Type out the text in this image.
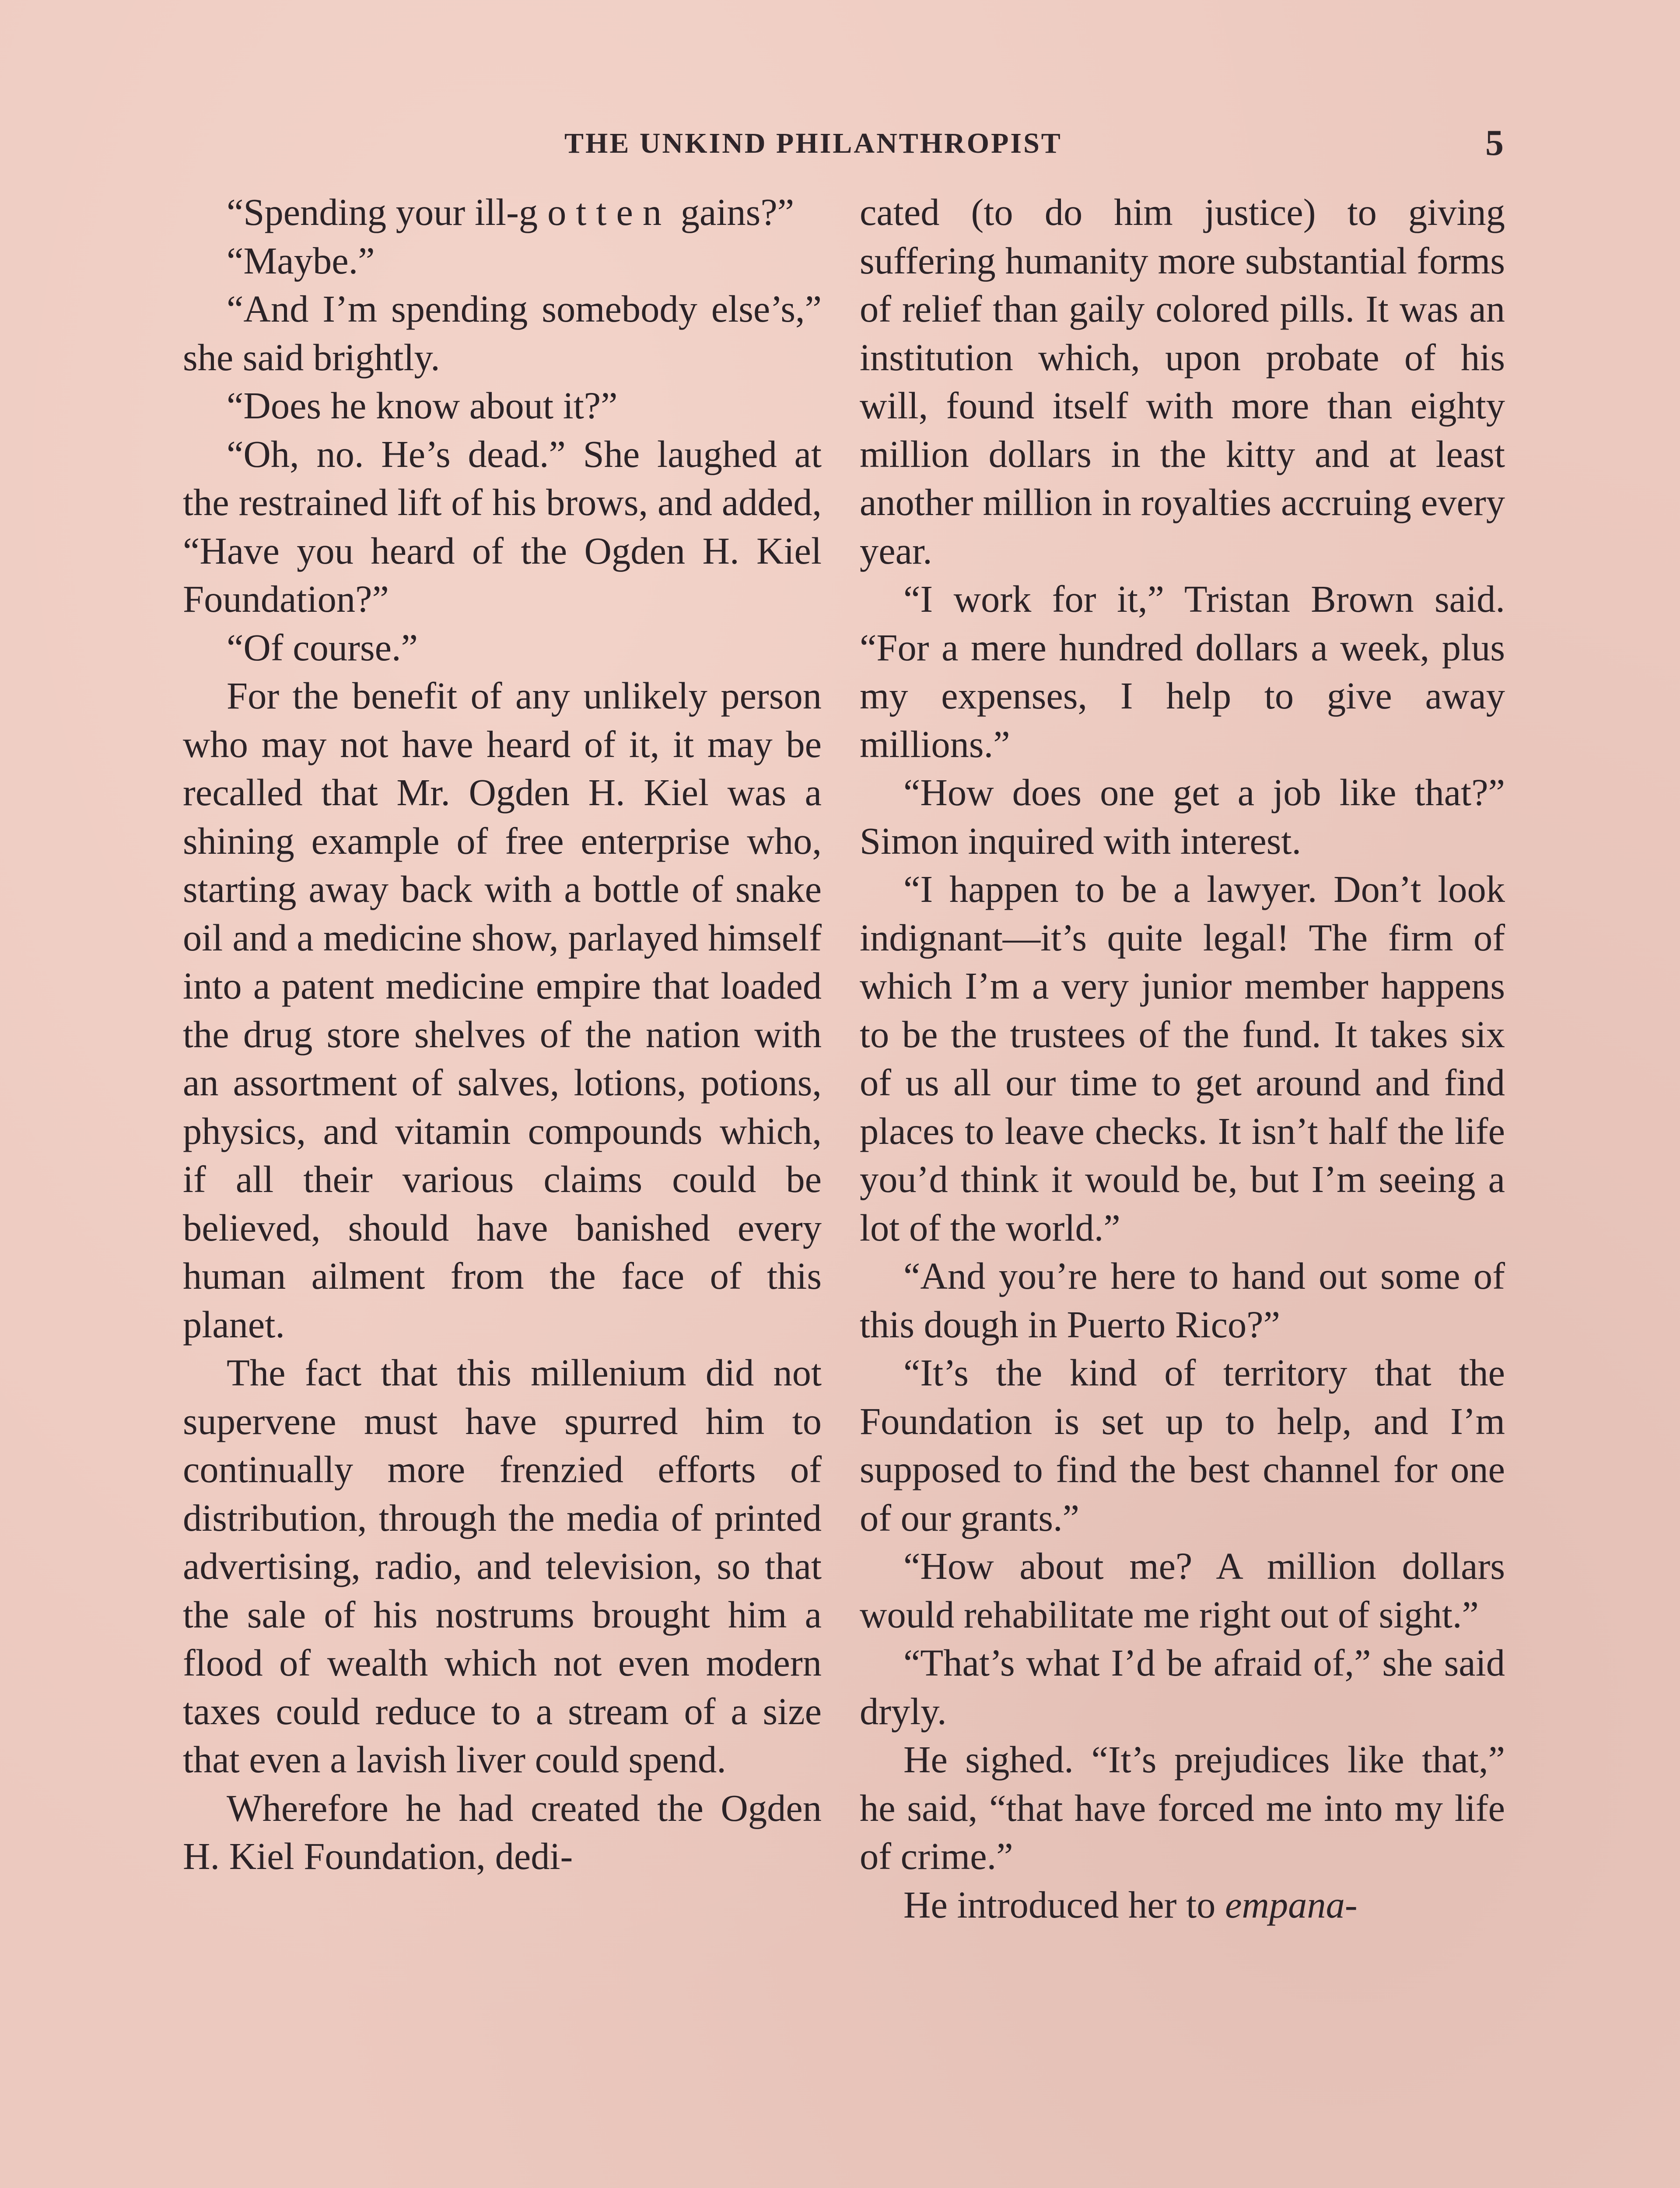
THE UNKIND PHILANTHROPIST	5

“Spending your ill-gotten gains?”

“Maybe.”

“And I’m spending somebody else’s,” she said brightly.

“Does he know about it?”

“Oh, no. He’s dead.” She laughed at the restrained lift of his brows, and added, “Have you heard of the Ogden H. Kiel Foundation?”

“Of course.”

For the benefit of any unlikely person who may not have heard of it, it may be recalled that Mr. Ogden H. Kiel was a shining example of free enterprise who, starting away back with a bottle of snake oil and a medicine show, parlayed himself into a patent medicine empire that loaded the drug store shelves of the nation with an assortment of salves, lotions, potions, physics, and vitamin compounds which, if all their various claims could be believed, should have banished every human ailment from the face of this planet.

The fact that this millenium did not supervene must have spurred him to continually more frenzied efforts of distribution, through the media of printed advertising, radio, and television, so that the sale of his nostrums brought him a flood of wealth which not even modern taxes could reduce to a stream of a size that even a lavish liver could spend.

Wherefore he had created the Ogden H. Kiel Foundation, dedi-

cated (to do him justice) to giving suffering humanity more substantial forms of relief than gaily colored pills. It was an institution which, upon probate of his will, found itself with more than eighty million dollars in the kitty and at least another million in royalties accruing every year.

“I work for it,” Tristan Brown said. “For a mere hundred dollars a week, plus my expenses, I help to give away millions.”

“How does one get a job like that?” Simon inquired with interest.

“I happen to be a lawyer. Don’t look indignant—it’s quite legal! The firm of which I’m a very junior member happens to be the trustees of the fund. It takes six of us all our time to get around and find places to leave checks. It isn’t half the life you’d think it would be, but I’m seeing a lot of the world.”

“And you’re here to hand out some of this dough in Puerto Rico?”

“It’s the kind of territory that the Foundation is set up to help, and I’m supposed to find the best channel for one of our grants.”

“How about me? A million dollars would rehabilitate me right out of sight.”

“That’s what I’d be afraid of,” she said dryly.

He sighed. “It’s prejudices like that,” he said, “that have forced me into my life of crime.”

He introduced her to empana-
